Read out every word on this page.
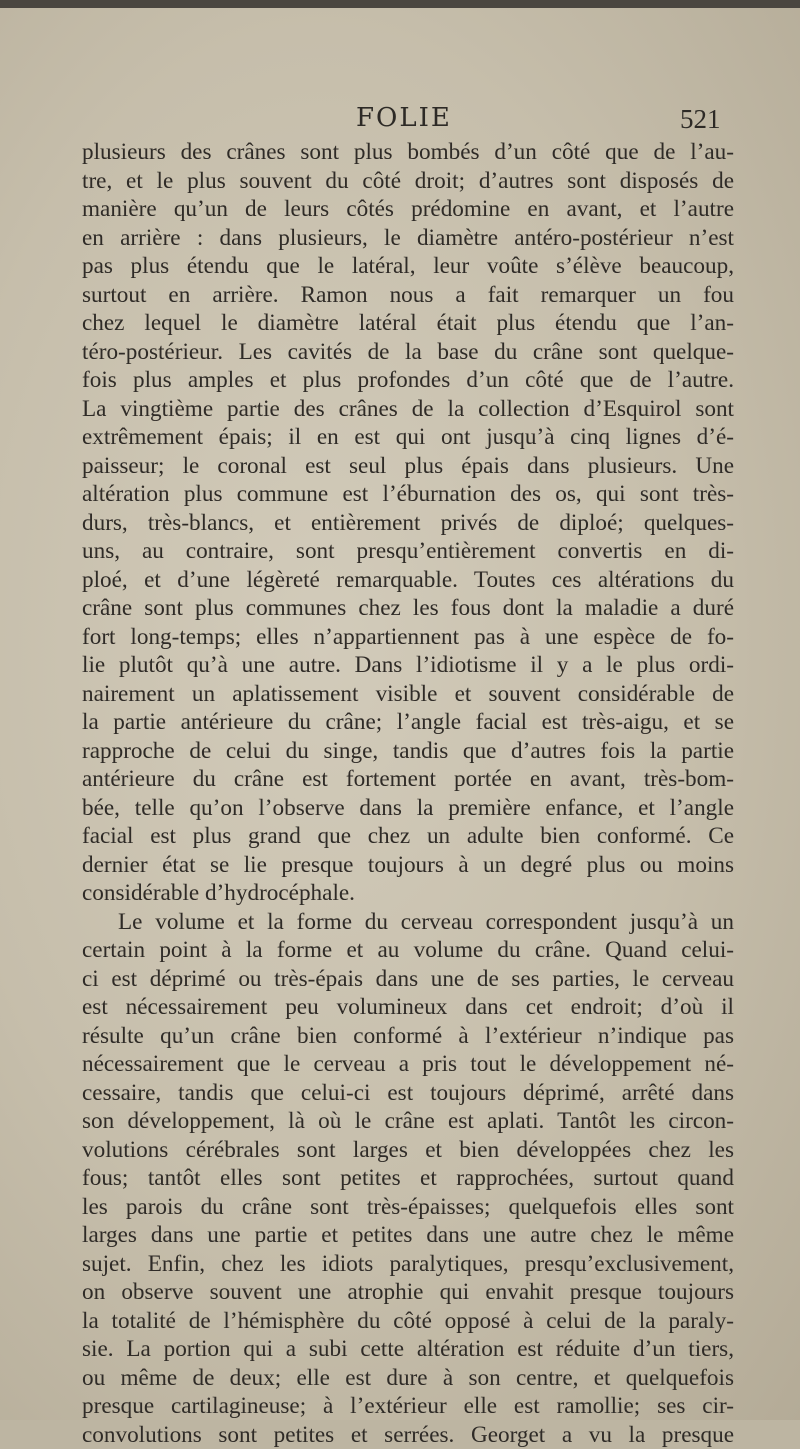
FOLIE	521
plusieurs des crânes sont plus bombés d’un côté que de l’au-
tre, et le plus souvent du côté droit; d’autres sont disposés de
manière qu’un de leurs côtés prédomine en avant, et l’autre
en arrière : dans plusieurs, le diamètre antéro-postérieur n’est
pas plus étendu que le latéral, leur voûte s’élève beaucoup,
surtout en arrière. Ramon nous a fait remarquer un fou
chez lequel le diamètre latéral était plus étendu que l’an-
téro-postérieur. Les cavités de la base du crâne sont quelque-
fois plus amples et plus profondes d’un côté que de l’autre.
La vingtième partie des crânes de la collection d’Esquirol sont
extrêmement épais; il en est qui ont jusqu’à cinq lignes d’é-
paisseur; le coronal est seul plus épais dans plusieurs. Une
altération plus commune est l’éburnation des os, qui sont très-
durs, très-blancs, et entièrement privés de diploé; quelques-
uns, au contraire, sont presqu’entièrement convertis en di-
ploé, et d’une légèreté remarquable. Toutes ces altérations du
crâne sont plus communes chez les fous dont la maladie a duré
fort long-temps; elles n’appartiennent pas à une espèce de fo-
lie plutôt qu’à une autre. Dans l’idiotisme il y a le plus ordi-
nairement un aplatissement visible et souvent considérable de
la partie antérieure du crâne; l’angle facial est très-aigu, et se
rapproche de celui du singe, tandis que d’autres fois la partie
antérieure du crâne est fortement portée en avant, très-bom-
bée, telle qu’on l’observe dans la première enfance, et l’angle
facial est plus grand que chez un adulte bien conformé. Ce
dernier état se lie presque toujours à un degré plus ou moins
considérable d’hydrocéphale.
Le volume et la forme du cerveau correspondent jusqu’à un
certain point à la forme et au volume du crâne. Quand celui-
ci est déprimé ou très-épais dans une de ses parties, le cerveau
est nécessairement peu volumineux dans cet endroit; d’où il
résulte qu’un crâne bien conformé à l’extérieur n’indique pas
nécessairement que le cerveau a pris tout le développement né-
cessaire, tandis que celui-ci est toujours déprimé, arrêté dans
son développement, là où le crâne est aplati. Tantôt les circon-
volutions cérébrales sont larges et bien développées chez les
fous; tantôt elles sont petites et rapprochées, surtout quand
les parois du crâne sont très-épaisses; quelquefois elles sont
larges dans une partie et petites dans une autre chez le même
sujet. Enfin, chez les idiots paralytiques, presqu’exclusivement,
on observe souvent une atrophie qui envahit presque toujours
la totalité de l’hémisphère du côté opposé à celui de la paraly-
sie. La portion qui a subi cette altération est réduite d’un tiers,
ou même de deux; elle est dure à son centre, et quelquefois
presque cartilagineuse; à l’extérieur elle est ramollie; ses cir-
convolutions sont petites et serrées. Georget a vu la presque
